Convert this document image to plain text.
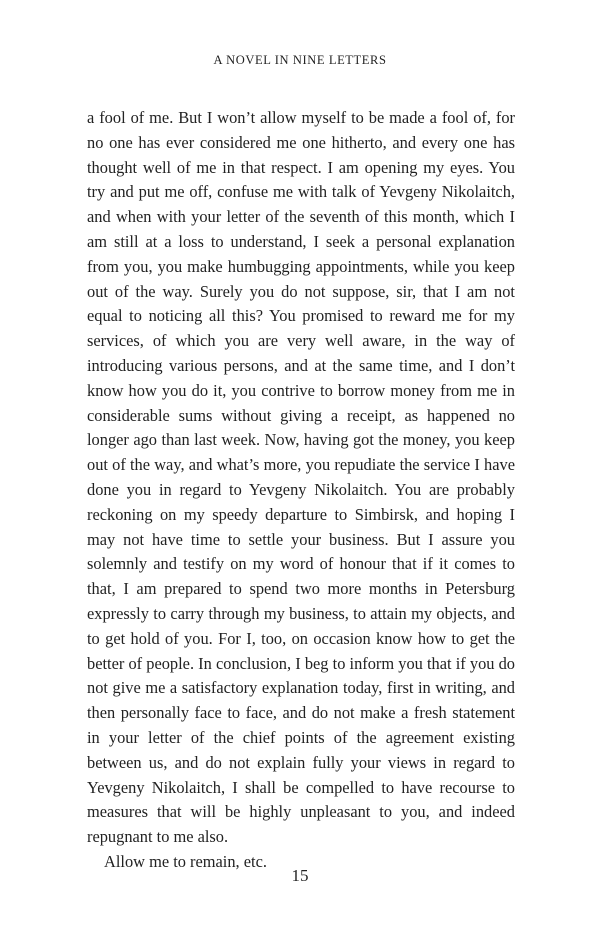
A NOVEL IN NINE LETTERS

a fool of me. But I won’t allow myself to be made a fool of, for no one has ever considered me one hitherto, and every one has thought well of me in that respect. I am opening my eyes. You try and put me off, confuse me with talk of Yevgeny Nikolaitch, and when with your letter of the seventh of this month, which I am still at a loss to understand, I seek a personal explanation from you, you make humbugging appointments, while you keep out of the way. Surely you do not suppose, sir, that I am not equal to noticing all this? You promised to reward me for my services, of which you are very well aware, in the way of introducing various persons, and at the same time, and I don’t know how you do it, you contrive to borrow money from me in considerable sums without giving a receipt, as happened no longer ago than last week. Now, having got the money, you keep out of the way, and what’s more, you repudiate the service I have done you in regard to Yevgeny Nikolaitch. You are probably reckoning on my speedy departure to Simbirsk, and hoping I may not have time to settle your business. But I assure you solemnly and testify on my word of honour that if it comes to that, I am prepared to spend two more months in Petersburg expressly to carry through my business, to attain my objects, and to get hold of you. For I, too, on occasion know how to get the better of people. In conclusion, I beg to inform you that if you do not give me a satisfactory explanation today, first in writing, and then personally face to face, and do not make a fresh statement in your letter of the chief points of the agreement existing between us, and do not explain fully your views in regard to Yevgeny Nikolaitch, I shall be compelled to have recourse to measures that will be highly unpleasant to you, and indeed repugnant to me also.

Allow me to remain, etc.

15
